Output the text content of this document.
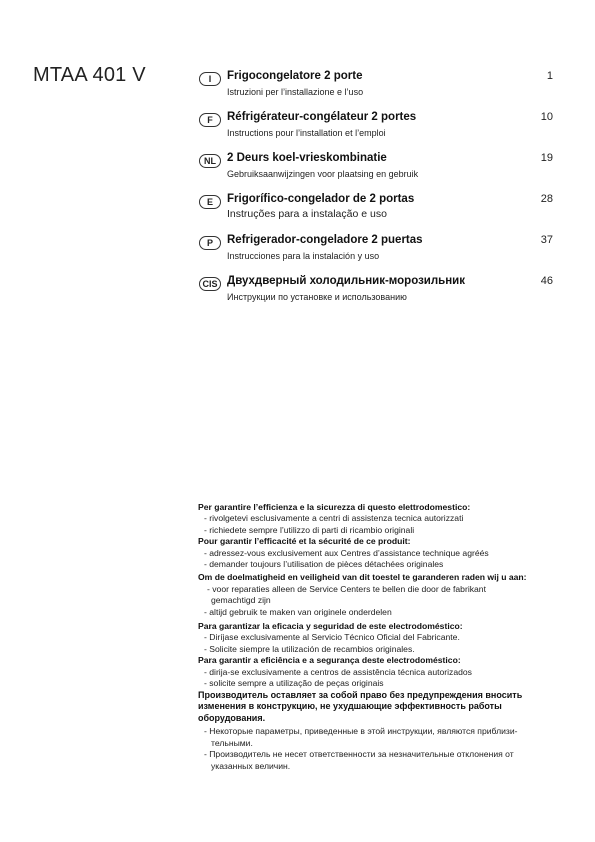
MTAA 401 V	I	Frigocongelatore 2 porte
Istruzioni per l’installazione e l’uso
1
F	Réfrigérateur-congélateur 2 portes
Instructions pour l’installation et l’emploi
10
NL 2 Deurs koel-vrieskombinatie
Gebruiksaanwijzingen voor plaatsing en gebruik
19
E	Frigorífico-congelador de 2 portas
Instruções para a instalação e uso
28
P	Refrigerador-congeladore 2 puertas
Instrucciones para la instalación y uso
37
CIS Двухдверный холодильник-морозильник
Инструкции по установке и использованию
46
Per garantire l’efficienza e la sicurezza di questo elettrodomestico:
- rivolgetevi esclusivamente a centri di assistenza tecnica autorizzati
- richiedete sempre l’utilizzo di parti di ricambio originali
Pour garantir l’efficacité et la sécurité de ce produit:
- adressez-vous exclusivement aux Centres d’assistance technique agréés
- demander toujours l’utilisation de pièces détachées originales
Om de doelmatigheid en veiligheid van dit toestel te garanderen raden wij u aan:
- voor reparaties alleen de Service Centers te bellen die door de fabrikant
gemachtigd zijn
- altijd gebruik te maken van originele onderdelen
Para garantizar la eficacia y seguridad de este electrodoméstico:
- Diríjase exclusivamente al Servicio Técnico Oficial del Fabricante.
- Solicite siempre la utilización de recambios originales.
Para garantir a eficiência e a segurança deste electrodoméstico:
- dirija-se exclusivamente a centros de assistência técnica autorizados
- solicite sempre a utilização de peças originais
Производитель оставляет за собой право без предупреждения вносить изменения в конструкцию, не ухудшающие эффективность работы оборудования.
- Некоторые параметры, приведенные в этой инструкции, являются приблизи-
тельными.
- Производитель не несет ответственности за незначительные отклонения от
указанных величин.
